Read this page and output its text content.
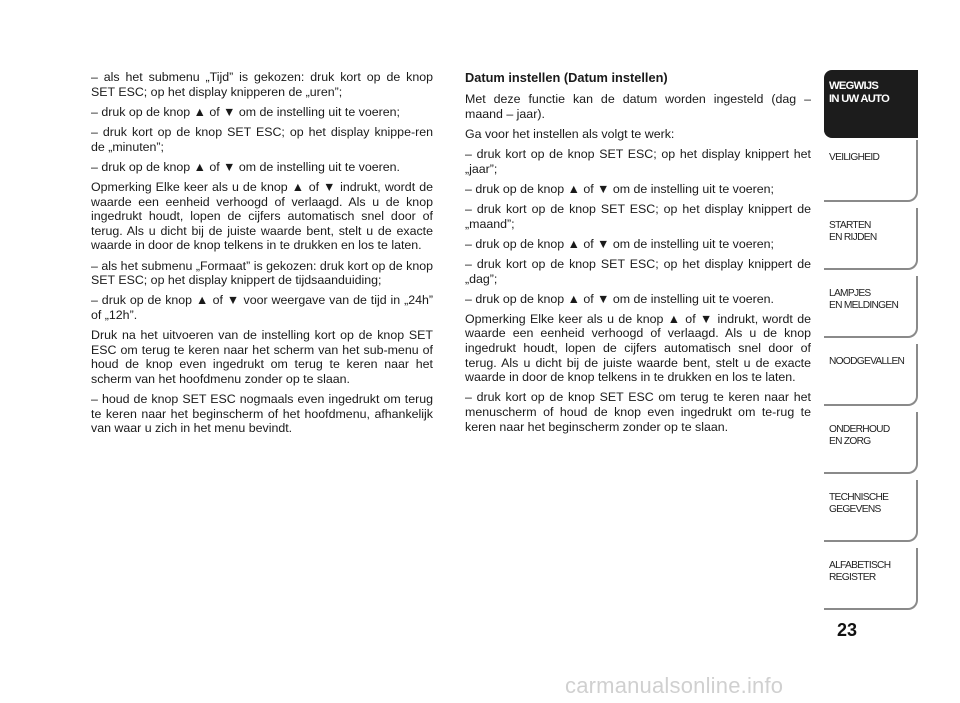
– als het submenu „Tijd” is gekozen: druk kort op de knop SET ESC; op het display knipperen de „uren”;

– druk op de knop ▲ of ▼ om de instelling uit te voeren;

– druk kort op de knop SET ESC; op het display knippe-ren de „minuten”;

– druk op de knop ▲ of ▼ om de instelling uit te voeren.

Opmerking Elke keer als u de knop ▲ of ▼ indrukt, wordt de waarde een eenheid verhoogd of verlaagd. Als u de knop ingedrukt houdt, lopen de cijfers automatisch snel door of terug. Als u dicht bij de juiste waarde bent, stelt u de exacte waarde in door de knop telkens in te drukken en los te laten.

– als het submenu „Formaat” is gekozen: druk kort op de knop SET ESC; op het display knippert de tijdsaanduiding;

– druk op de knop ▲ of ▼ voor weergave van de tijd in „24h” of „12h”.

Druk na het uitvoeren van de instelling kort op de knop SET ESC om terug te keren naar het scherm van het sub-menu of houd de knop even ingedrukt om terug te keren naar het scherm van het hoofdmenu zonder op te slaan.

– houd de knop SET ESC nogmaals even ingedrukt om terug te keren naar het beginscherm of het hoofdmenu, afhankelijk van waar u zich in het menu bevindt.

Datum instellen (Datum instellen)

Met deze functie kan de datum worden ingesteld (dag – maand – jaar).

Ga voor het instellen als volgt te werk:

– druk kort op de knop SET ESC; op het display knippert het „jaar”;

– druk op de knop ▲ of ▼ om de instelling uit te voeren;

– druk kort op de knop SET ESC; op het display knippert de „maand”;

– druk op de knop ▲ of ▼ om de instelling uit te voeren;

– druk kort op de knop SET ESC; op het display knippert de „dag”;

– druk op de knop ▲ of ▼ om de instelling uit te voeren.

Opmerking Elke keer als u de knop ▲ of ▼ indrukt, wordt de waarde een eenheid verhoogd of verlaagd. Als u de knop ingedrukt houdt, lopen de cijfers automatisch snel door of terug. Als u dicht bij de juiste waarde bent, stelt u de exacte waarde in door de knop telkens in te drukken en los te laten.

– druk kort op de knop SET ESC om terug te keren naar het menuscherm of houd de knop even ingedrukt om te-rug te keren naar het beginscherm zonder op te slaan.

WEGWIJS
IN UW AUTO
VEILIGHEID
STARTEN
EN RIJDEN
LAMPJES
EN MELDINGEN
NOODGEVALLEN
ONDERHOUD
EN ZORG
TECHNISCHE
GEGEVENS
ALFABETISCH
REGISTER
23
carmanualsonline.info
